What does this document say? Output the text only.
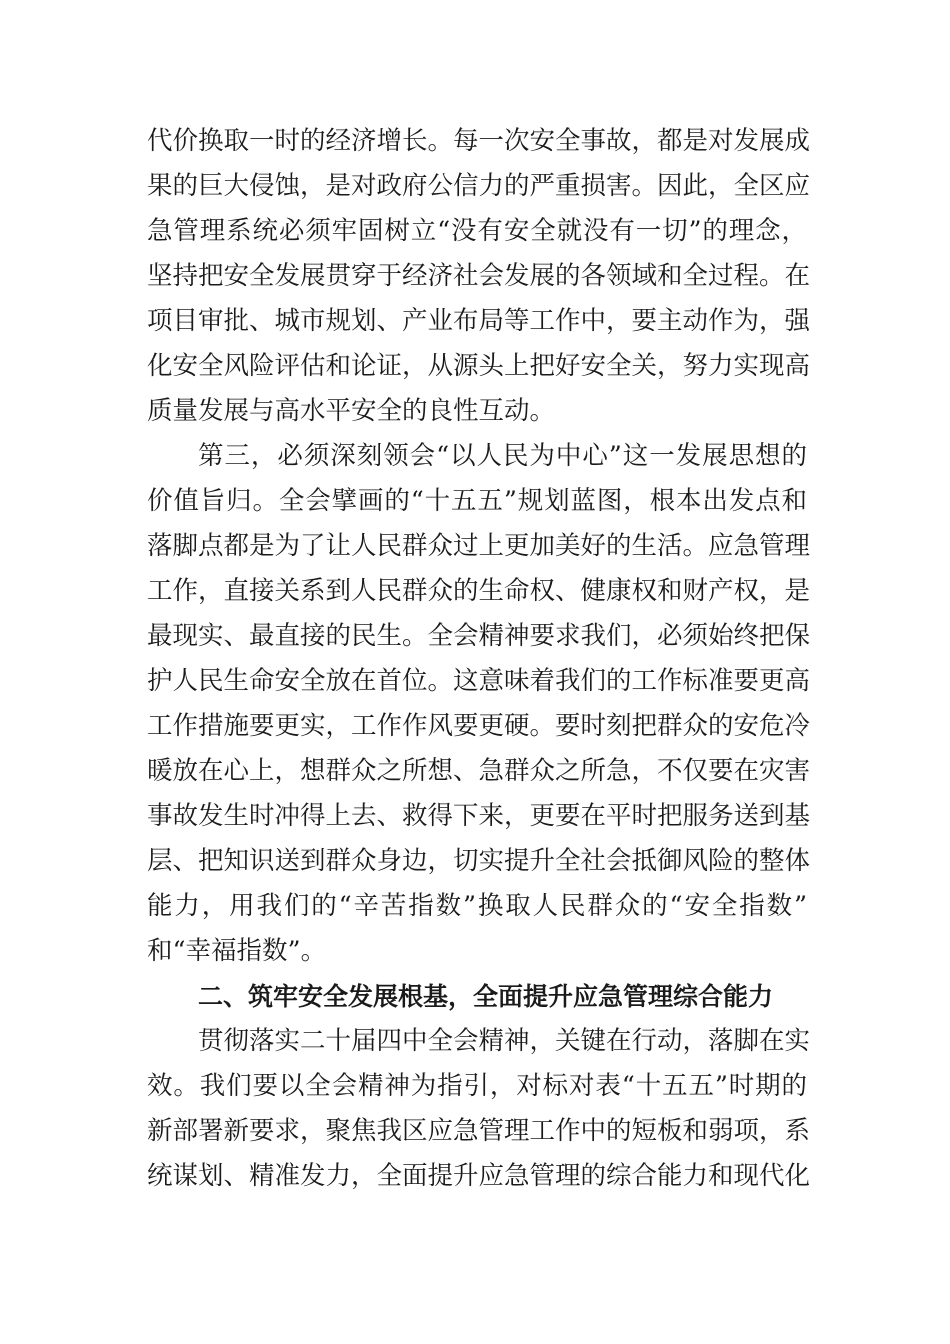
代价换取一时的经济增长。每一次安全事故，都是对发展成
果的巨大侵蚀，是对政府公信力的严重损害。因此，全区应
急管理系统必须牢固树立“没有安全就没有一切”的理念，
坚持把安全发展贯穿于经济社会发展的各领域和全过程。在
项目审批、城市规划、产业布局等工作中，要主动作为，强
化安全风险评估和论证，从源头上把好安全关，努力实现高
质量发展与高水平安全的良性互动。
第三，必须深刻领会“以人民为中心”这一发展思想的
价值旨归。全会擘画的“十五五”规划蓝图，根本出发点和
落脚点都是为了让人民群众过上更加美好的生活。应急管理
工作，直接关系到人民群众的生命权、健康权和财产权，是
最现实、最直接的民生。全会精神要求我们，必须始终把保
护人民生命安全放在首位。这意味着我们的工作标准要更高
工作措施要更实，工作作风要更硬。要时刻把群众的安危冷
暖放在心上，想群众之所想、急群众之所急，不仅要在灾害
事故发生时冲得上去、救得下来，更要在平时把服务送到基
层、把知识送到群众身边，切实提升全社会抵御风险的整体
能力，用我们的“辛苦指数”换取人民群众的“安全指数”
和“幸福指数”。
二、筑牢安全发展根基，全面提升应急管理综合能力
贯彻落实二十届四中全会精神，关键在行动，落脚在实
效。我们要以全会精神为指引，对标对表“十五五”时期的
新部署新要求，聚焦我区应急管理工作中的短板和弱项，系
统谋划、精准发力，全面提升应急管理的综合能力和现代化
